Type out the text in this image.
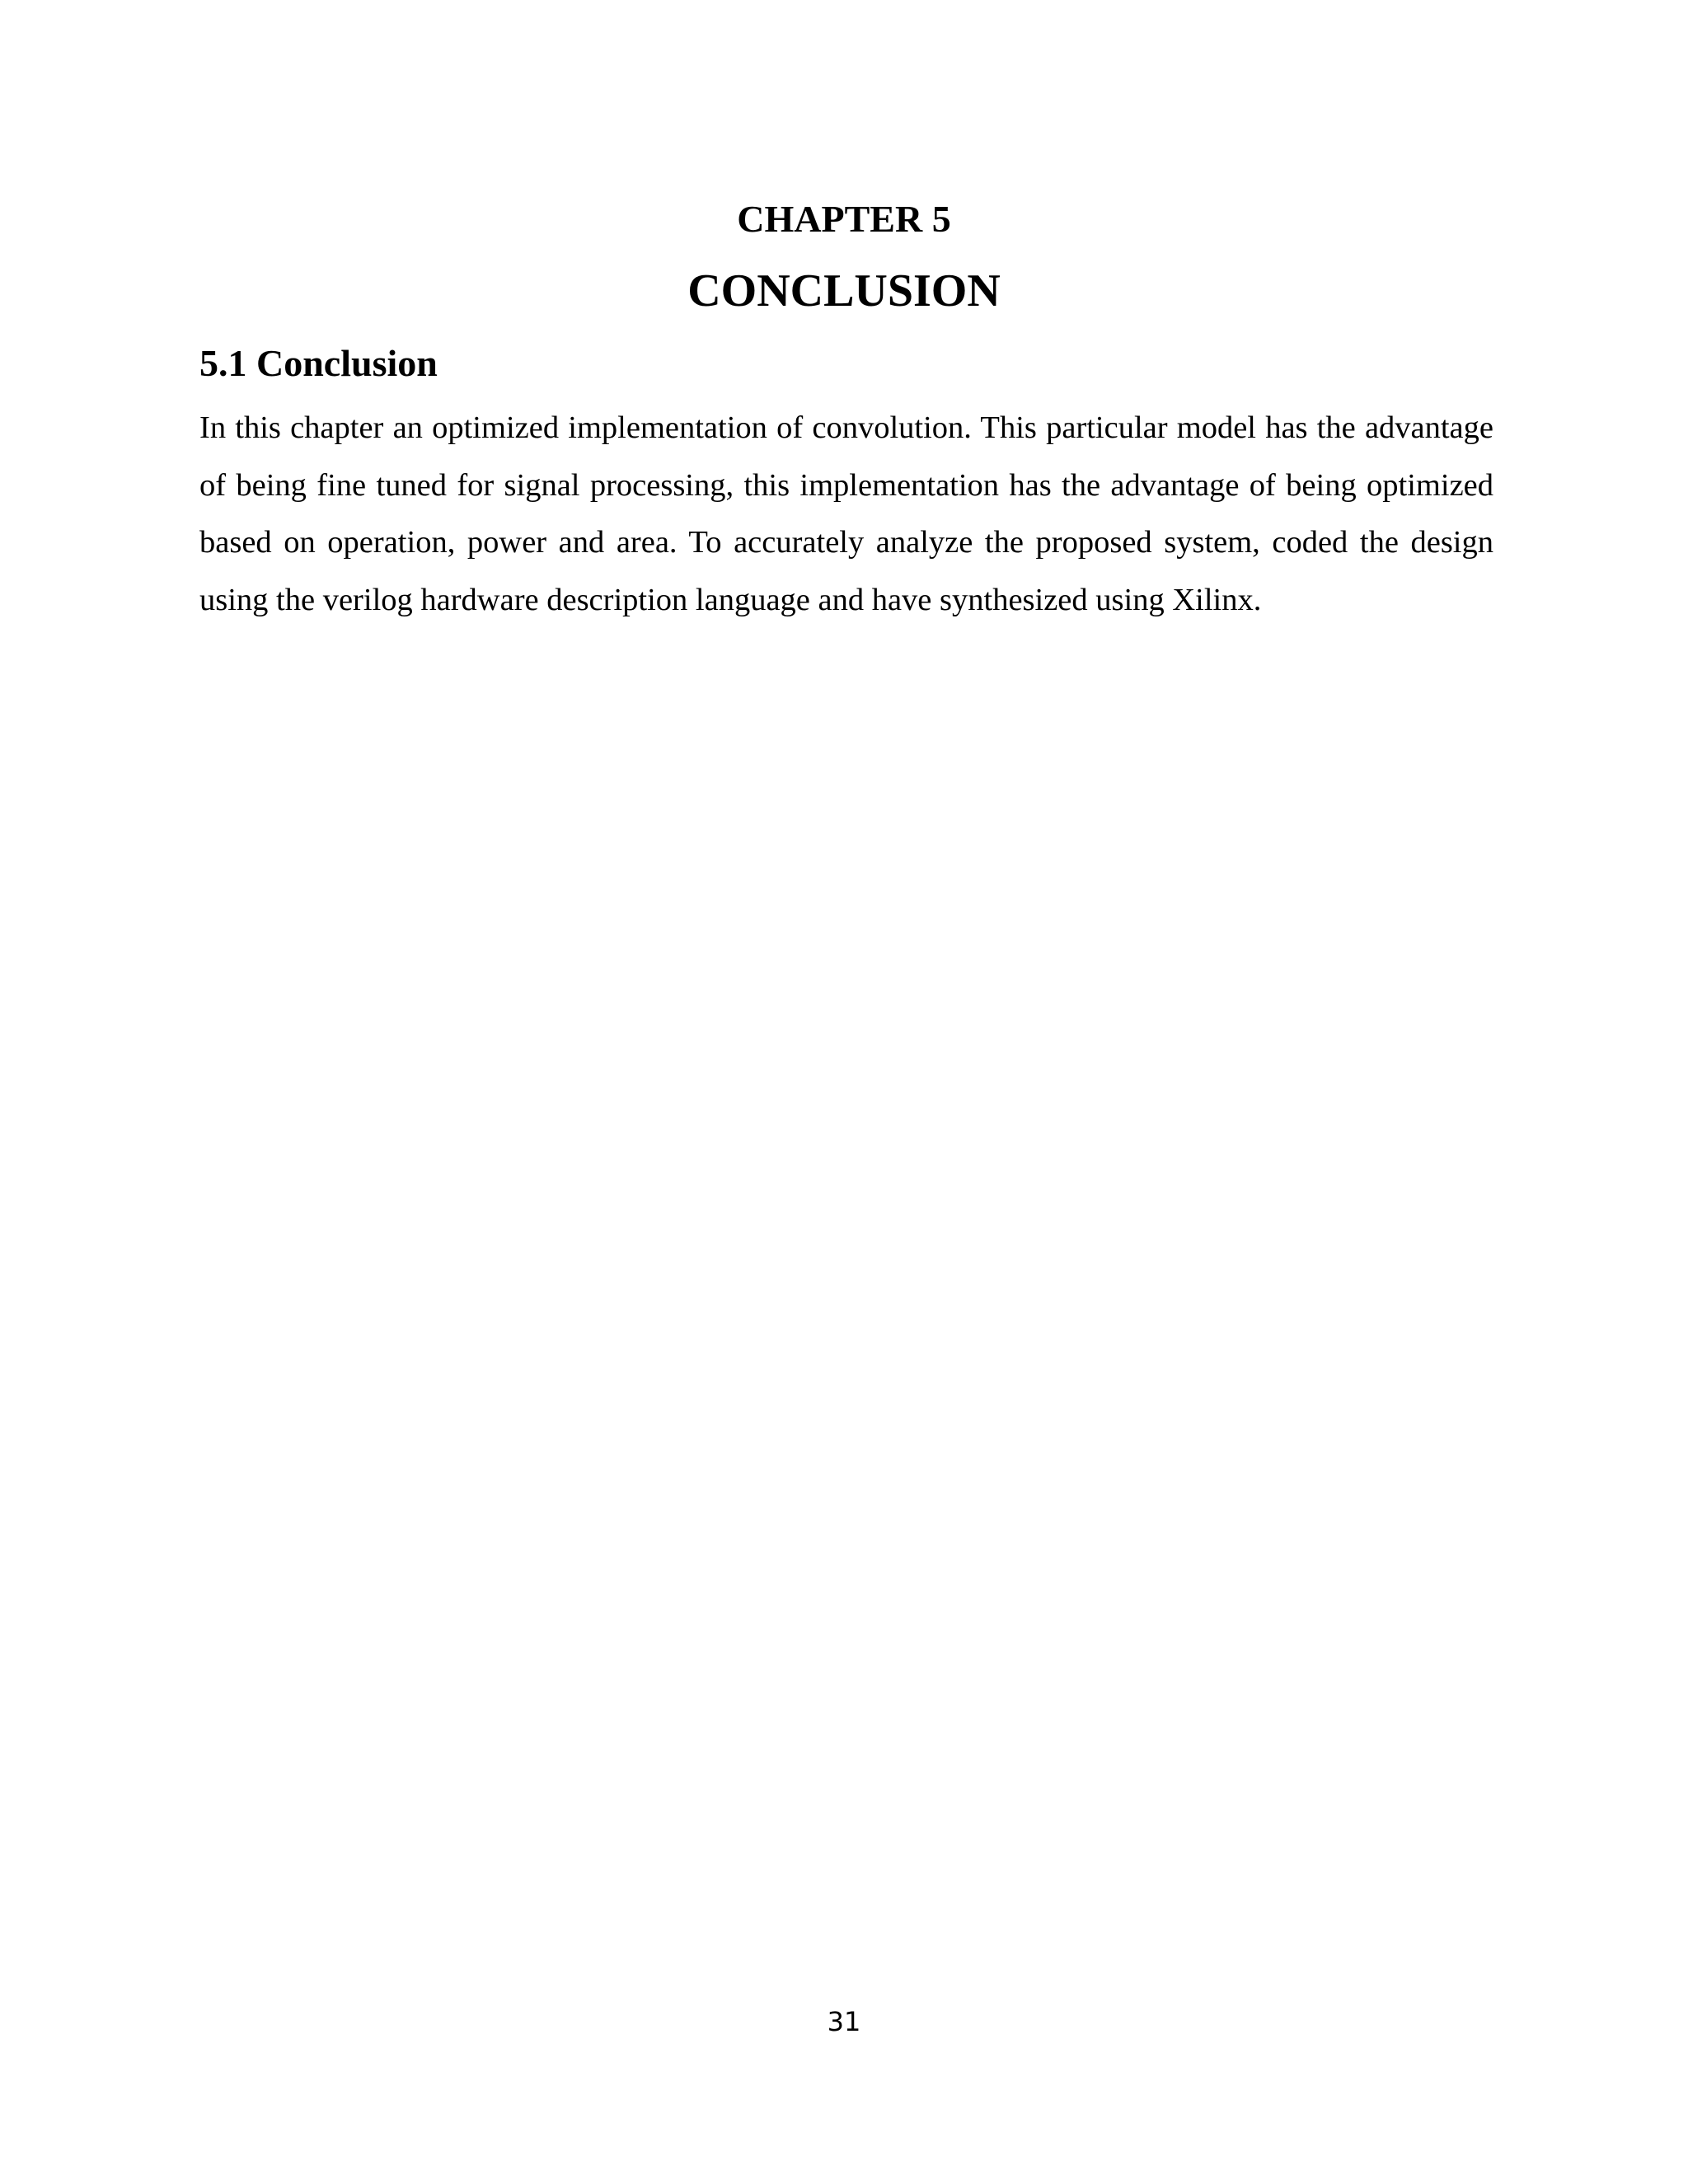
CHAPTER 5
CONCLUSION
5.1 Conclusion

In this chapter an optimized implementation of convolution. This particular model has the advantage of being fine tuned for signal processing, this implementation has the advantage of being optimized based on operation, power and area. To accurately analyze the proposed system, coded the design using the verilog hardware description language and have synthesized using Xilinx.

31
